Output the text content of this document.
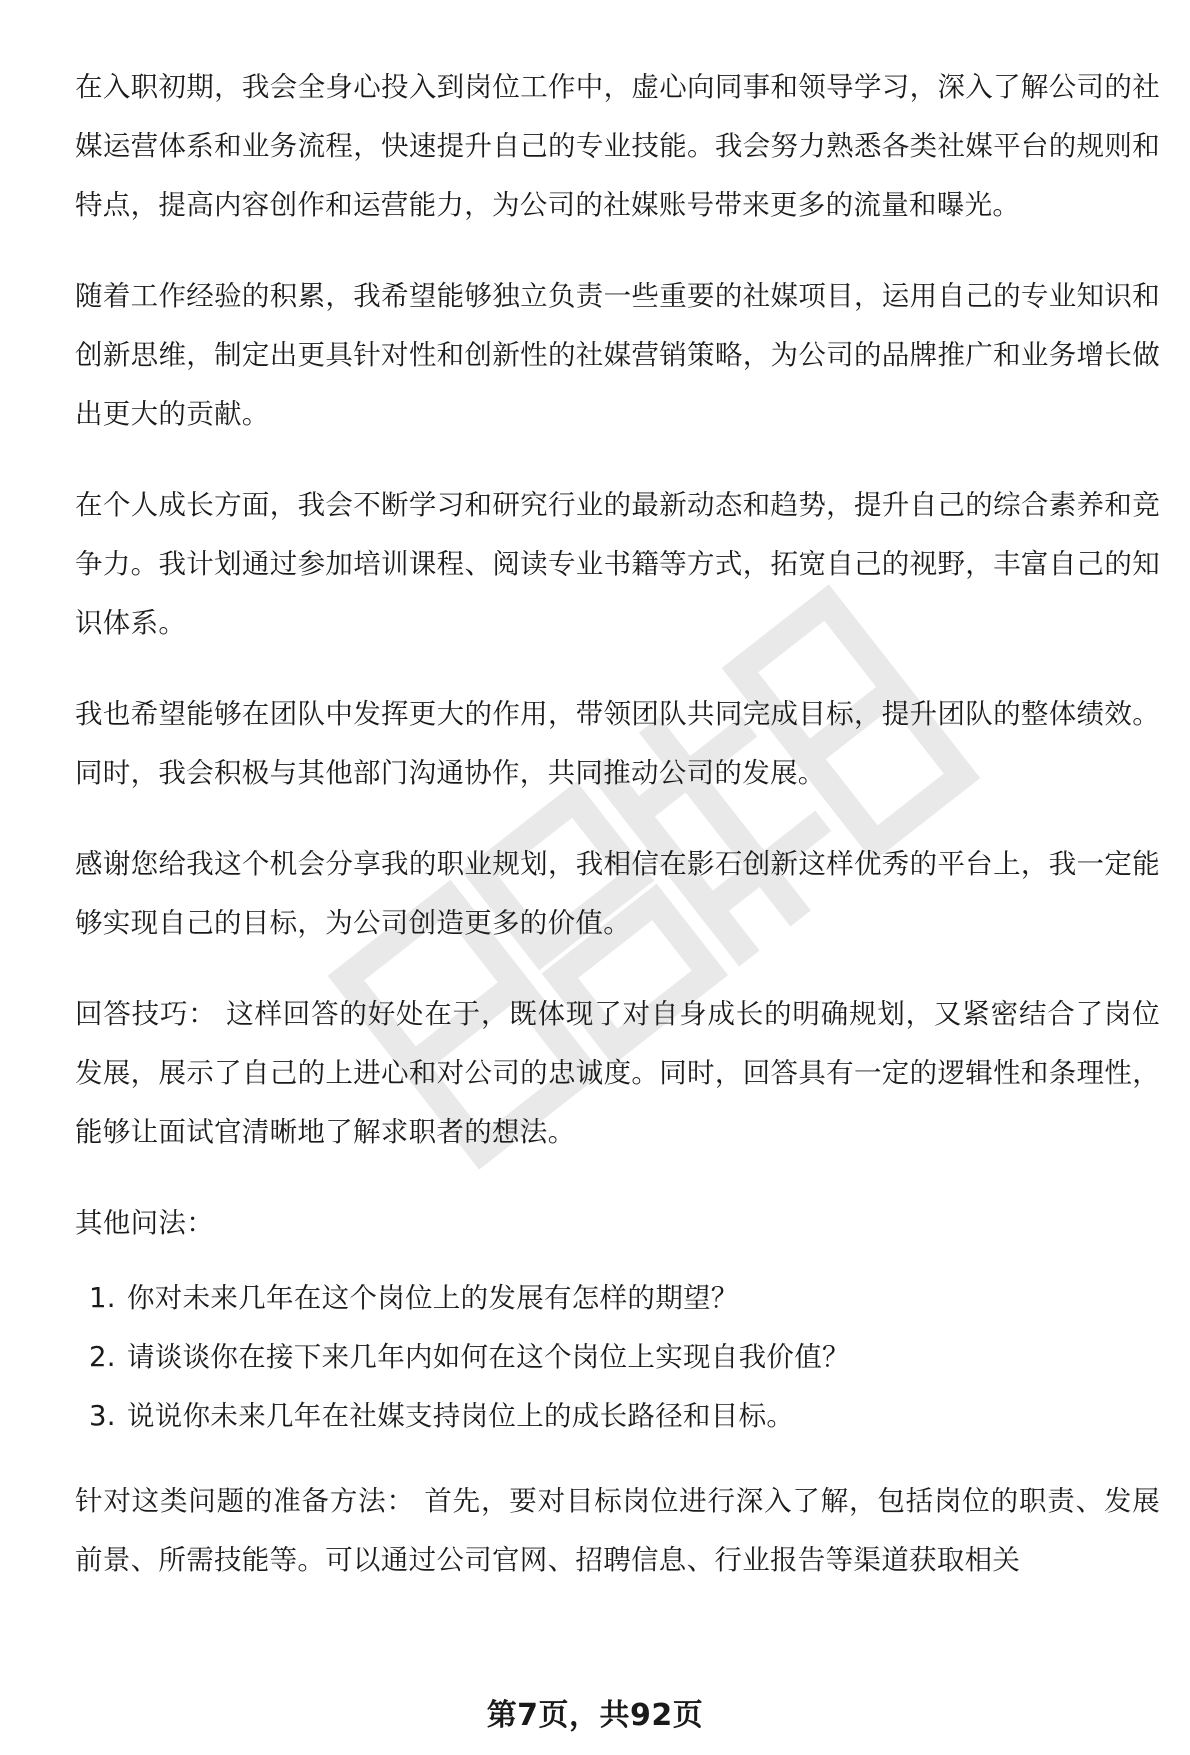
在入职初期，我会全身心投入到岗位工作中，虚心向同事和领导学习，深入了解公司的社媒运营体系和业务流程，快速提升自己的专业技能。我会努力熟悉各类社媒平台的规则和特点，提高内容创作和运营能力，为公司的社媒账号带来更多的流量和曝光。

随着工作经验的积累，我希望能够独立负责一些重要的社媒项目，运用自己的专业知识和创新思维，制定出更具针对性和创新性的社媒营销策略，为公司的品牌推广和业务增长做出更大的贡献。

在个人成长方面，我会不断学习和研究行业的最新动态和趋势，提升自己的综合素养和竞争力。我计划通过参加培训课程、阅读专业书籍等方式，拓宽自己的视野，丰富自己的知识体系。

我也希望能够在团队中发挥更大的作用，带领团队共同完成目标，提升团队的整体绩效。同时，我会积极与其他部门沟通协作，共同推动公司的发展。

感谢您给我这个机会分享我的职业规划，我相信在影石创新这样优秀的平台上，我一定能够实现自己的目标，为公司创造更多的价值。

回答技巧： 这样回答的好处在于，既体现了对自身成长的明确规划，又紧密结合了岗位发展，展示了自己的上进心和对公司的忠诚度。同时，回答具有一定的逻辑性和条理性，能够让面试官清晰地了解求职者的想法。

其他问法：

1. 你对未来几年在这个岗位上的发展有怎样的期望？
2. 请谈谈你在接下来几年内如何在这个岗位上实现自我价值？
3. 说说你未来几年在社媒支持岗位上的成长路径和目标。

针对这类问题的准备方法： 首先，要对目标岗位进行深入了解，包括岗位的职责、发展前景、所需技能等。可以通过公司官网、招聘信息、行业报告等渠道获取相关

第7页，共92页
